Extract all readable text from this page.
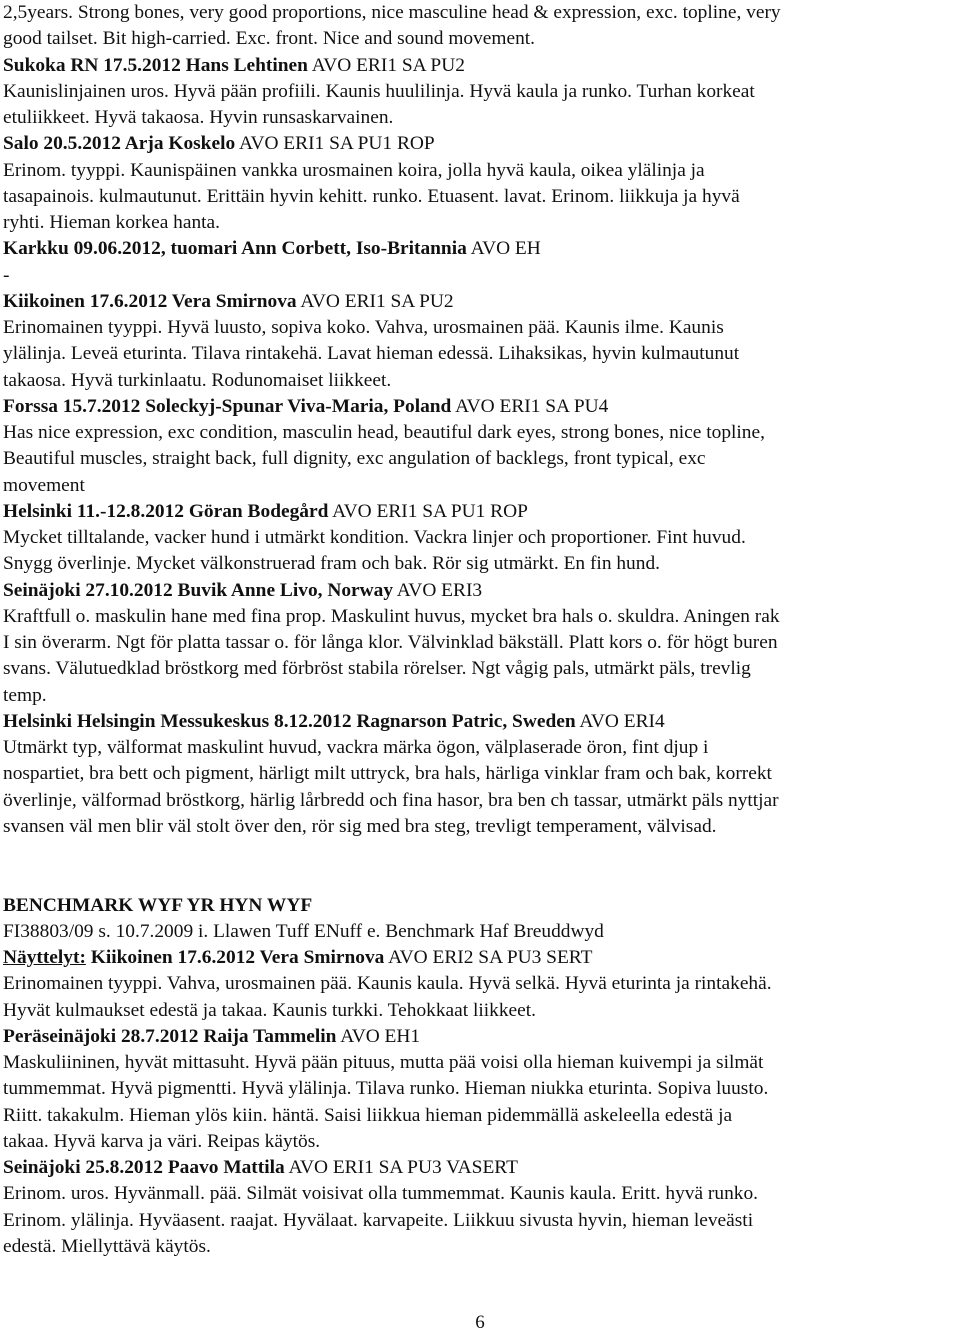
2,5years. Strong bones, very good proportions, nice masculine head & expression, exc. topline, very
good tailset. Bit high-carried. Exc. front. Nice and sound movement.
Sukoka RN 17.5.2012 Hans Lehtinen AVO ERI1 SA PU2
Kaunislinjainen uros. Hyvä pään profiili. Kaunis huulilinja. Hyvä kaula ja runko. Turhan korkeat
etuliikkeet. Hyvä takaosa. Hyvin runsaskarvainen.
Salo 20.5.2012 Arja Koskelo AVO ERI1 SA PU1 ROP
Erinom. tyyppi. Kaunispäinen vankka urosmainen koira, jolla hyvä kaula, oikea ylälinja ja
tasapainois. kulmautunut. Erittäin hyvin kehitt. runko. Etuasent. lavat. Erinom. liikkuja ja hyvä
ryhti. Hieman korkea hanta.
Karkku 09.06.2012, tuomari Ann Corbett, Iso-Britannia AVO EH
-
Kiikoinen 17.6.2012 Vera Smirnova AVO ERI1 SA PU2
Erinomainen tyyppi. Hyvä luusto, sopiva koko. Vahva, urosmainen pää. Kaunis ilme. Kaunis
ylälinja. Leveä eturinta. Tilava rintakehä. Lavat hieman edessä. Lihaksikas, hyvin kulmautunut
takaosa. Hyvä turkinlaatu. Rodunomaiset liikkeet.
Forssa 15.7.2012 Soleckyj-Spunar Viva-Maria, Poland AVO ERI1 SA PU4
Has nice expression, exc condition, masculin head, beautiful dark eyes, strong bones, nice topline,
Beautiful muscles, straight back, full dignity, exc angulation of backlegs, front typical, exc
movement
Helsinki 11.-12.8.2012 Göran Bodegård AVO ERI1 SA PU1 ROP
Mycket tilltalande, vacker hund i utmärkt kondition. Vackra linjer och proportioner. Fint huvud.
Snygg överlinje. Mycket välkonstruerad fram och bak. Rör sig utmärkt. En fin hund.
Seinäjoki 27.10.2012 Buvik Anne Livo, Norway AVO ERI3
Kraftfull o. maskulin hane med fina prop. Maskulint huvus, mycket bra hals o. skuldra. Aningen rak
I sin överarm. Ngt för platta tassar o. för långa klor. Välvinklad bäkställ. Platt kors o. för högt buren
svans. Välutuedklad bröstkorg med förbröst stabila rörelser. Ngt vågig pals, utmärkt päls, trevlig
temp.
Helsinki Helsingin Messukeskus 8.12.2012 Ragnarson Patric, Sweden AVO ERI4
Utmärkt typ, välformat maskulint huvud, vackra märka ögon, välplaserade öron, fint djup i
nospartiet, bra bett och pigment, härligt milt uttryck, bra hals, härliga vinklar fram och bak, korrekt
överlinje, välformad bröstkorg, härlig lårbredd och fina hasor, bra ben ch tassar, utmärkt päls nyttjar
svansen väl men blir väl stolt över den, rör sig med bra steg, trevligt temperament, välvisad.
BENCHMARK WYF YR HYN WYF
FI38803/09 s. 10.7.2009 i. Llawen Tuff ENuff e. Benchmark Haf Breuddwyd
Näyttelyt: Kiikoinen 17.6.2012 Vera Smirnova AVO ERI2 SA PU3 SERT
Erinomainen tyyppi. Vahva, urosmainen pää. Kaunis kaula. Hyvä selkä. Hyvä eturinta ja rintakehä.
Hyvät kulmaukset edestä ja takaa. Kaunis turkki. Tehokkaat liikkeet.
Peräseinäjoki 28.7.2012 Raija Tammelin AVO EH1
Maskuliininen, hyvät mittasuht. Hyvä pään pituus, mutta pää voisi olla hieman kuivempi ja silmät
tummemmat. Hyvä pigmentti. Hyvä ylälinja. Tilava runko. Hieman niukka eturinta. Sopiva luusto.
Riitt. takakulm. Hieman ylös kiin. häntä. Saisi liikkua hieman pidemmällä askeleella edestä ja
takaa. Hyvä karva ja väri. Reipas käytös.
Seinäjoki 25.8.2012 Paavo Mattila AVO ERI1 SA PU3 VASERT
Erinom. uros. Hyvänmall. pää. Silmät voisivat olla tummemmat. Kaunis kaula. Eritt. hyvä runko.
Erinom. ylälinja. Hyväasent. raajat. Hyvälaat. karvapeite. Liikkuu sivusta hyvin, hieman leveästi
edestä. Miellyttävä käytös.
6
